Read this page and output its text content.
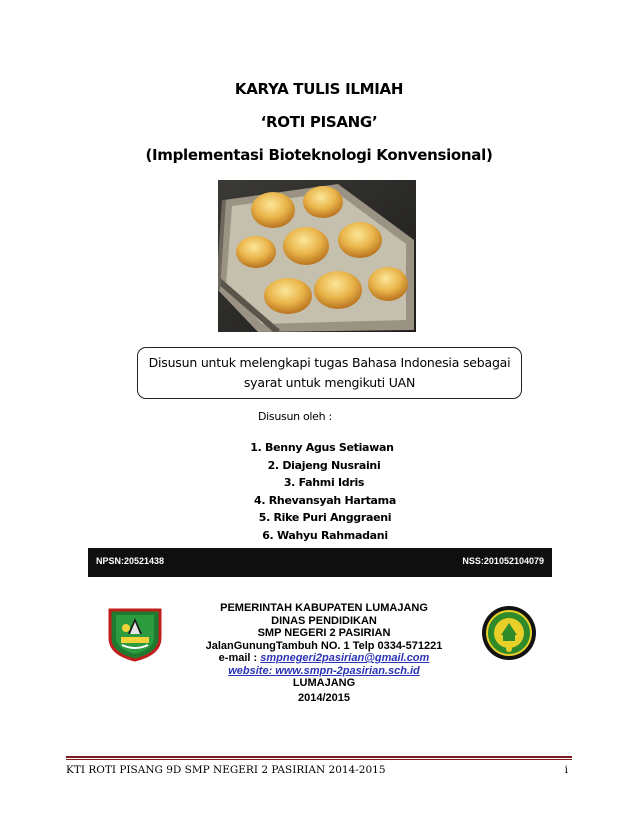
KARYA TULIS ILMIAH
‘ROTI PISANG’
(Implementasi Bioteknologi Konvensional)
Disusun untuk melengkapi tugas Bahasa Indonesia sebagai
syarat untuk mengikuti UAN
Disusun oleh :
1. Benny Agus Setiawan
2. Diajeng Nusraini
3. Fahmi Idris
4. Rhevansyah Hartama
5. Rike Puri Anggraeni
6. Wahyu Rahmadani
NPSN:20521438	NSS:201052104079
PEMERINTAH KABUPATEN LUMAJANG
DINAS PENDIDIKAN
SMP NEGERI 2 PASIRIAN
JalanGunungTambuh NO. 1 Telp 0334-571221
e-mail : smpnegeri2pasirian@gmail.com
website: www.smpn-2pasirian.sch.id
LUMAJANG
2014/2015
KTI ROTI PISANG 9D SMP NEGERI 2 PASIRIAN 2014-2015	i
